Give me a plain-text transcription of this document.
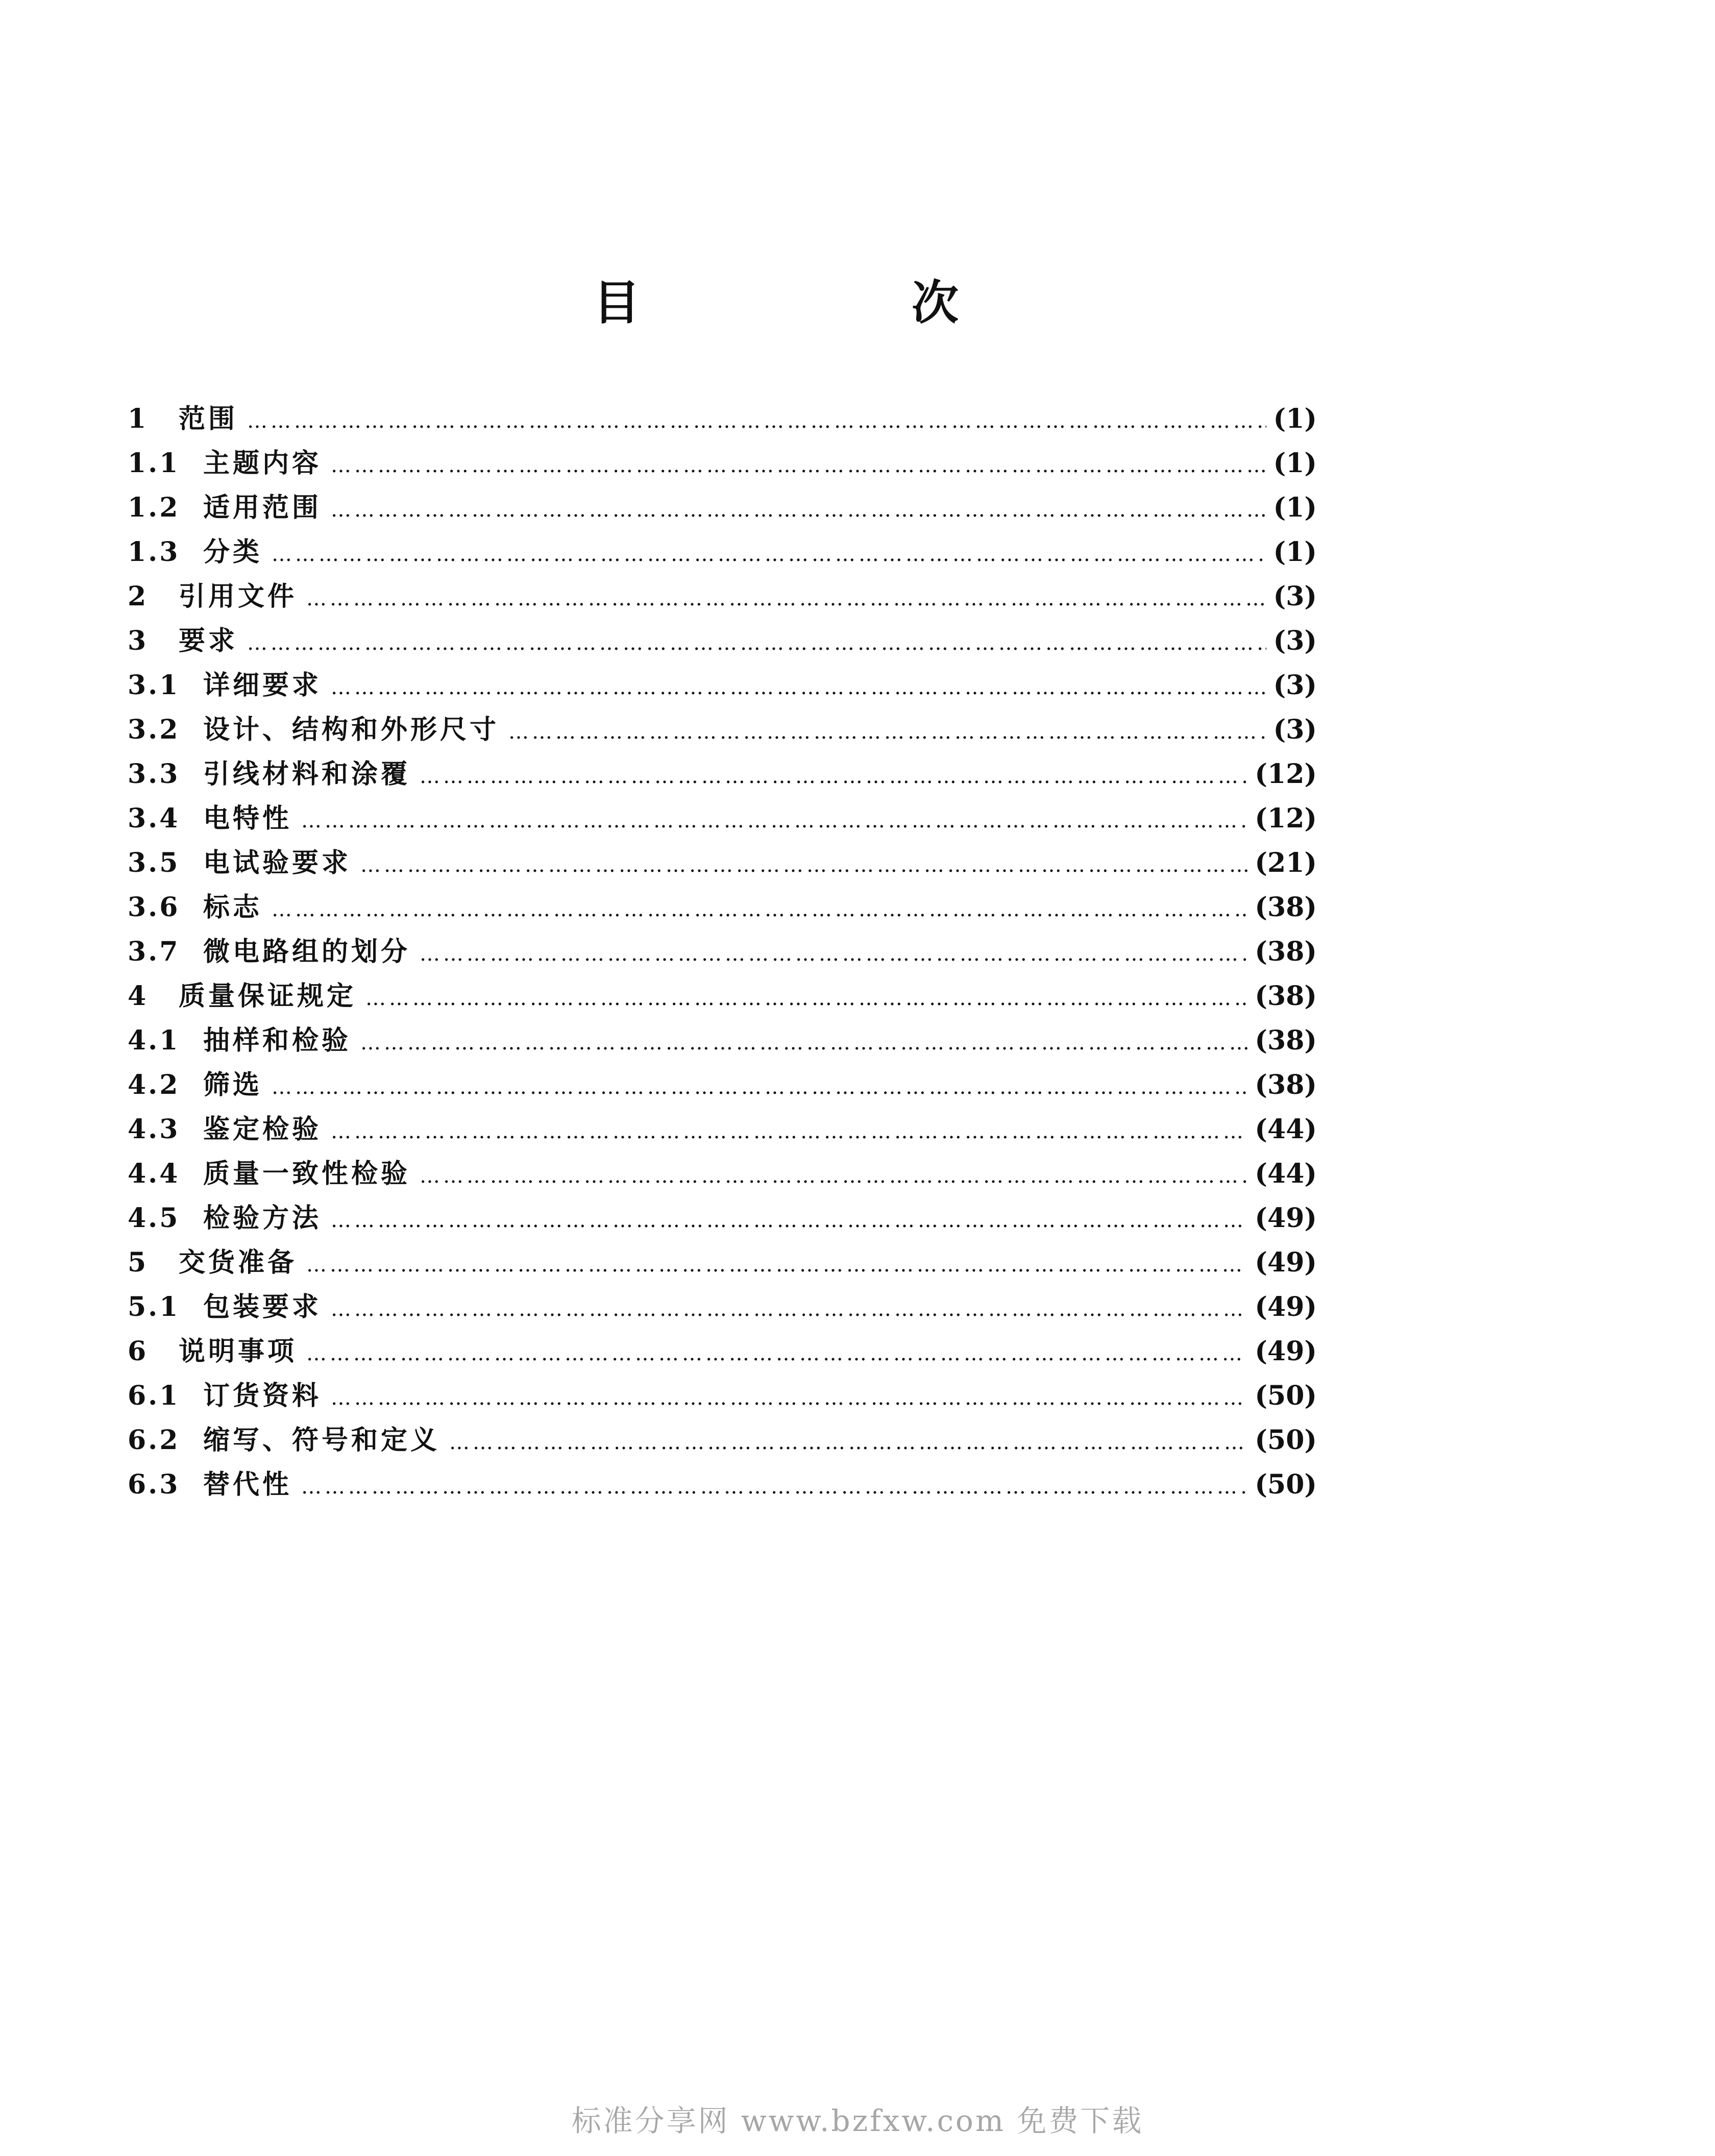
目　次
1	范围 ………………………………………………………………………………………………………………………………………………………………………………………………………………………………	(1)
1.1 主题内容 ………………………………………………………………………………………………………………………………………………………………………………………………………………………………	(1)
1.2 适用范围 ………………………………………………………………………………………………………………………………………………………………………………………………………………………………	(1)
1.3 分类 ………………………………………………………………………………………………………………………………………………………………………………………………………………………………	(1)
2	引用文件 ………………………………………………………………………………………………………………………………………………………………………………………………………………………………	(3)
3	要求 ………………………………………………………………………………………………………………………………………………………………………………………………………………………………	(3)
3.1 详细要求 ………………………………………………………………………………………………………………………………………………………………………………………………………………………………	(3)
3.2 设计、结构和外形尺寸 ………………………………………………………………………………………………………………………………………………………………………………………………………………………………	(3)
3.3 引线材料和涂覆 ………………………………………………………………………………………………………………………………………………………………………………………………………………………………	(12)
3.4 电特性 ………………………………………………………………………………………………………………………………………………………………………………………………………………………………	(12)
3.5 电试验要求 ………………………………………………………………………………………………………………………………………………………………………………………………………………………………	(21)
3.6 标志 ………………………………………………………………………………………………………………………………………………………………………………………………………………………………	(38)
3.7 微电路组的划分 ………………………………………………………………………………………………………………………………………………………………………………………………………………………………	(38)
4	质量保证规定 ………………………………………………………………………………………………………………………………………………………………………………………………………………………………	(38)
4.1 抽样和检验 ………………………………………………………………………………………………………………………………………………………………………………………………………………………………	(38)
4.2 筛选 ………………………………………………………………………………………………………………………………………………………………………………………………………………………………	(38)
4.3 鉴定检验 ………………………………………………………………………………………………………………………………………………………………………………………………………………………………	(44)
4.4 质量一致性检验 ………………………………………………………………………………………………………………………………………………………………………………………………………………………………	(44)
4.5 检验方法 ………………………………………………………………………………………………………………………………………………………………………………………………………………………………	(49)
5	交货准备 ………………………………………………………………………………………………………………………………………………………………………………………………………………………………	(49)
5.1 包装要求 ………………………………………………………………………………………………………………………………………………………………………………………………………………………………	(49)
6	说明事项 ………………………………………………………………………………………………………………………………………………………………………………………………………………………………	(49)
6.1 订货资料 ………………………………………………………………………………………………………………………………………………………………………………………………………………………………	(50)
6.2 缩写、符号和定义 ………………………………………………………………………………………………………………………………………………………………………………………………………………………………	(50)
6.3 替代性 ………………………………………………………………………………………………………………………………………………………………………………………………………………………………	(50)
标准分享网 www.bzfxw.com 免费下载
